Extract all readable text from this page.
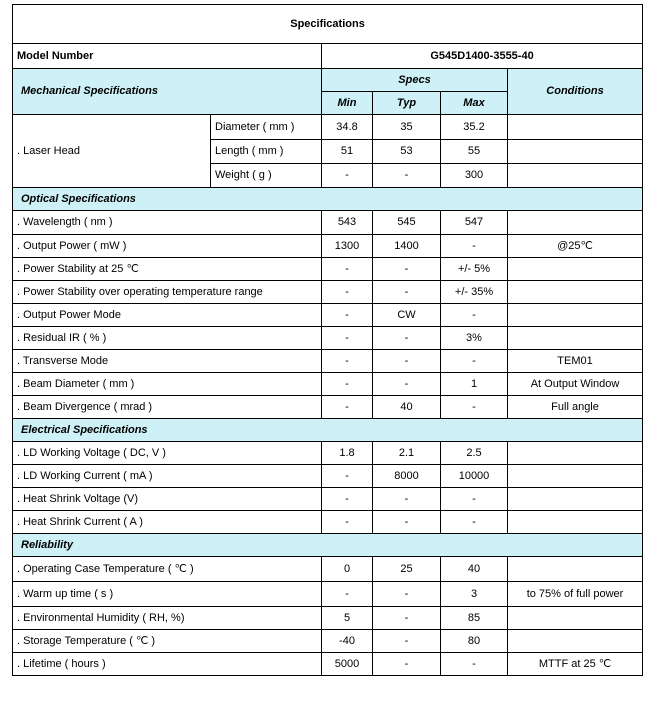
Specifications					
Model Number		G545D1400-3555-40			
Mechanical Specifications		Specs			Conditions
		Min	Typ	Max	
. Laser Head	Diameter ( mm )	34.8	35	35.2	
	Length ( mm )	51	53	55	
	Weight ( g )	-	-	300	
Optical Specifications					
. Wavelength ( nm )		543	545	547	
. Output Power ( mW )		1300	1400	-	@25℃
. Power Stability at 25 ℃		-	-	+/- 5%	
. Power Stability over operating temperature range		-	-	+/- 35%	
. Output Power Mode		-	CW	-	
. Residual IR ( % )		-	-	3%	
. Transverse Mode		-	-	-	TEM01
. Beam Diameter ( mm )		-	-	1	At Output Window
. Beam Divergence ( mrad )		-	40	-	Full angle
Electrical Specifications					
. LD Working Voltage ( DC, V )		1.8	2.1	2.5	
. LD Working Current ( mA )		-	8000	10000	
. Heat Shrink Voltage (V)		-	-	-	
. Heat Shrink Current ( A )		-	-	-	
Reliability					
. Operating Case Temperature ( ℃ )		0	25	40	
. Warm up time ( s )		-	-	3	to 75% of full power
. Environmental Humidity ( RH, %)		5	-	85	
. Storage Temperature ( ℃ )		-40	-	80	
. Lifetime ( hours )		5000	-	-	MTTF at 25 ℃
